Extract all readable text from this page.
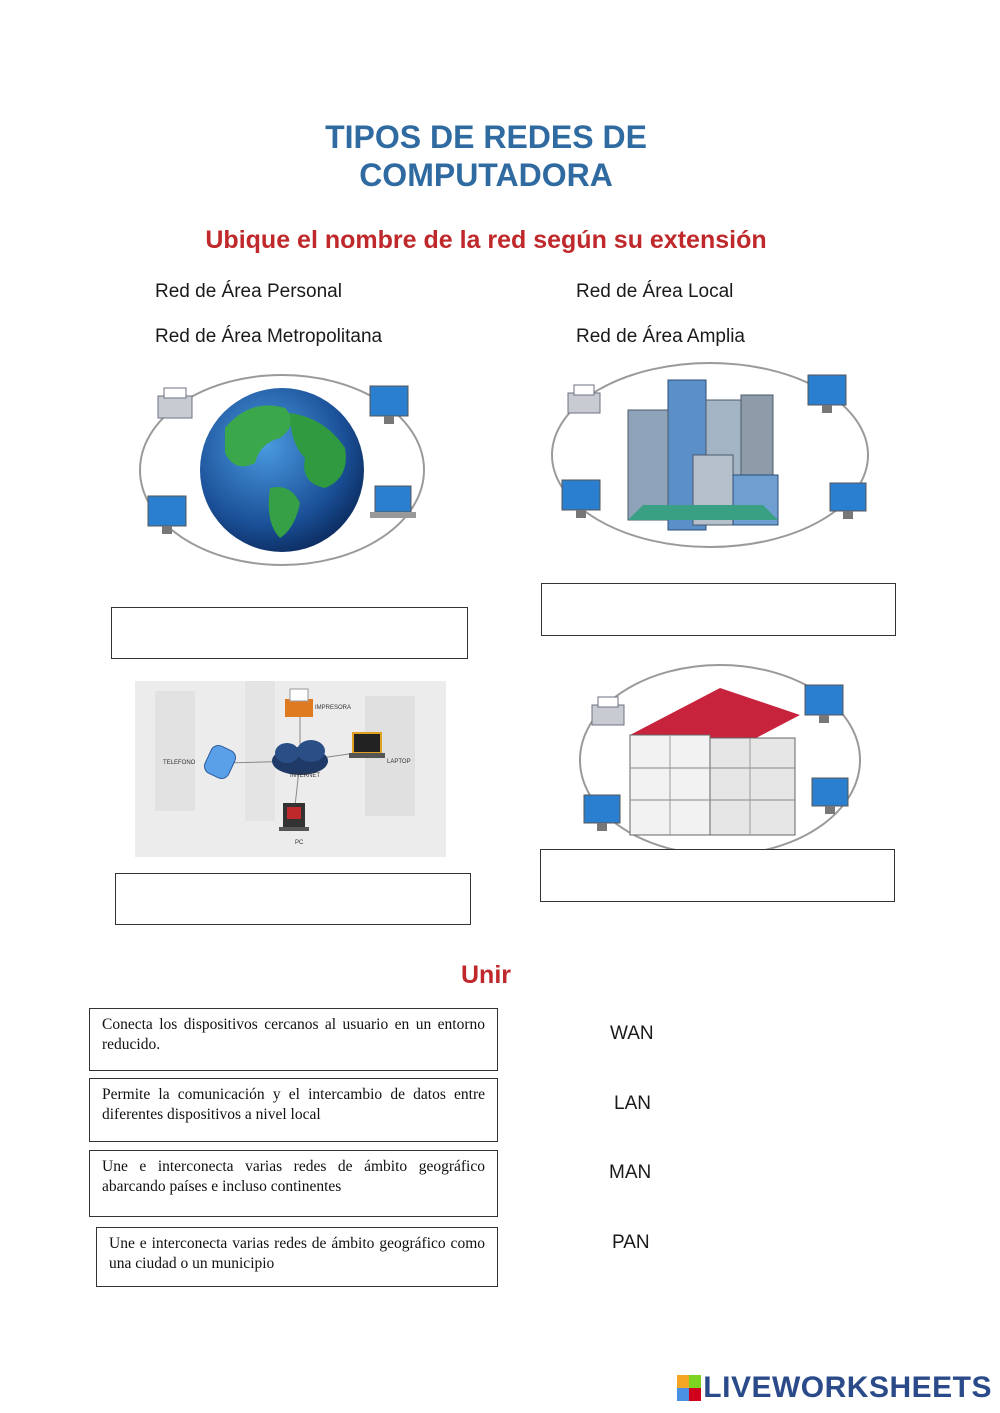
TIPOS DE REDES DE
COMPUTADORA
Ubique el nombre de la red según su extensión
Red de Área Personal	Red de Área Local
Red de Área Metropolitana	Red de Área Amplia
IMPRESORA
TELEFONO
INTERNET
LAPTOP
PC
Unir
Conecta los dispositivos cercanos al usuario en un entorno reducido.
Permite la comunicación y el intercambio de datos entre diferentes dispositivos a nivel local
Une e interconecta varias redes de ámbito geográfico abarcando países e incluso continentes
Une e interconecta varias redes de ámbito geográfico como una ciudad o un municipio
WAN
LAN
MAN
PAN
LIVEWORKSHEETS
